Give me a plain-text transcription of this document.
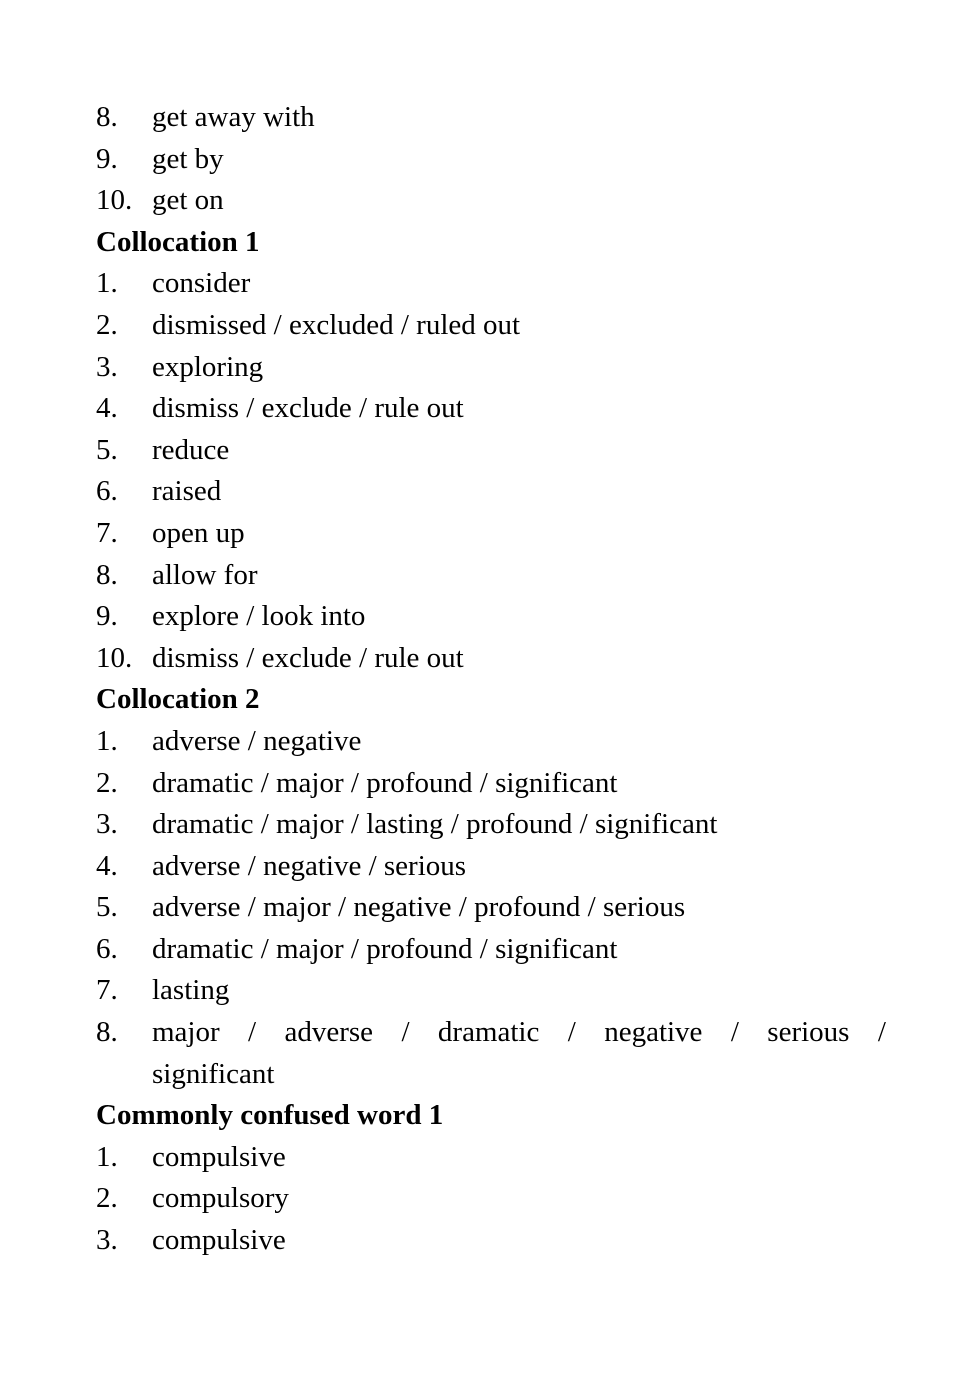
8. get away with
9. get by
10. get on
Collocation 1
1. consider
2. dismissed / excluded / ruled out
3. exploring
4. dismiss / exclude / rule out
5. reduce
6. raised
7. open up
8. allow for
9. explore / look into
10. dismiss / exclude / rule out
Collocation 2
1. adverse / negative
2. dramatic / major / profound / significant
3. dramatic / major / lasting / profound / significant
4. adverse / negative / serious
5. adverse / major / negative / profound / serious
6. dramatic / major / profound / significant
7. lasting
8. major / adverse / dramatic / negative / serious /
significant
Commonly confused word 1
1. compulsive
2. compulsory
3. compulsive
